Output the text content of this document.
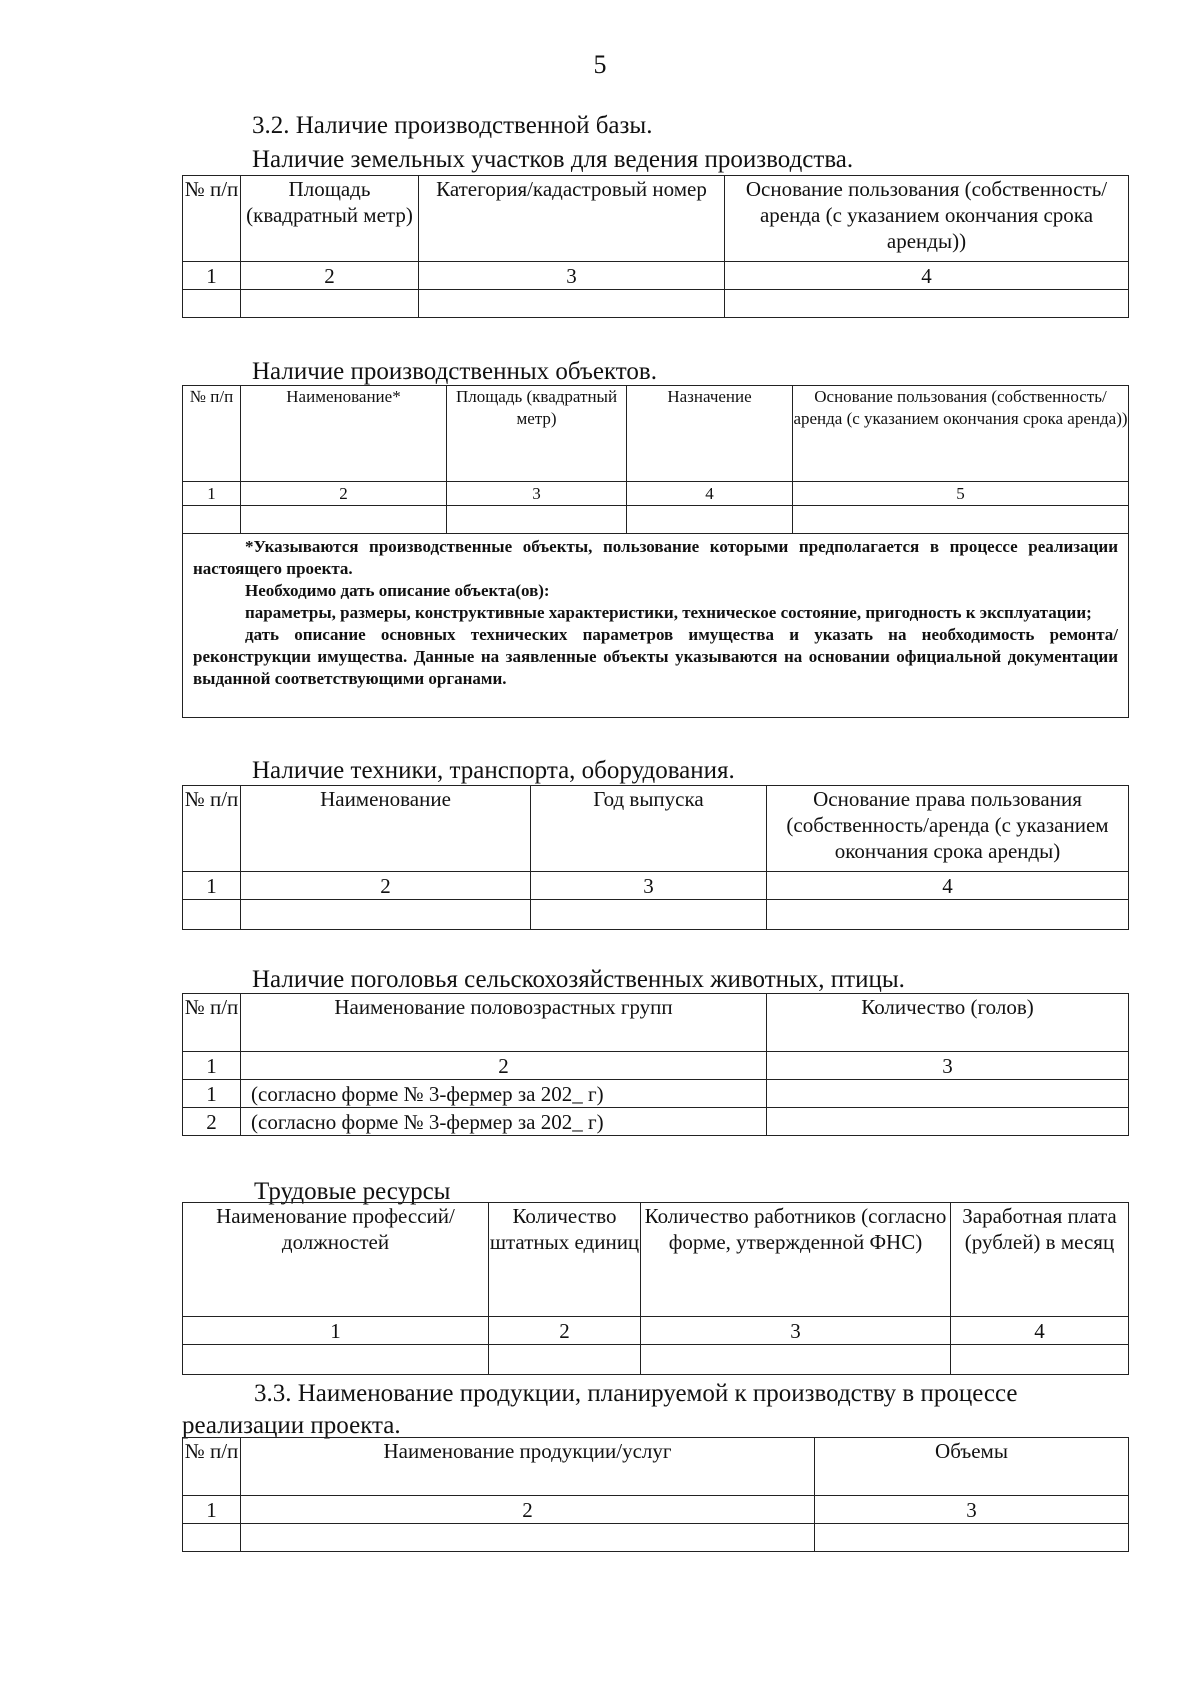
5
3.2. Наличие производственной базы.
Наличие земельных участков для ведения производства.
№ п/п	Площадь (квадратный метр)	Категория/кадастровый номер	Основание пользования (собственность/аренда (с указанием окончания срока аренды))
1	2	3	4

Наличие производственных объектов.
№ п/п	Наименование*	Площадь (квадратный метр)	Назначение	Основание пользования (собственность/аренда (с указанием окончания срока аренда))
1	2	3	4	5

*Указываются производственные объекты, пользование которыми предполагается в процессе реализации настоящего проекта.

Необходимо дать описание объекта(ов):

параметры, размеры, конструктивные характеристики, техническое состояние, пригодность к эксплуатации;

дать описание основных технических параметров имущества и указать на необходимость ремонта/реконструкции имущества. Данные на заявленные объекты указываются на основании официальной документации выданной соответствующими органами.				

Наличие техники, транспорта, оборудования.
№ п/п	Наименование	Год выпуска	Основание права пользования (собственность/аренда (с указанием окончания срока аренды)
1	2	3	4

Наличие поголовья сельскохозяйственных животных, птицы.
№ п/п	Наименование половозрастных групп	Количество (голов)
1	2	3
1	(согласно форме № 3-фермер за 202_ г)	
2	(согласно форме № 3-фермер за 202_ г)	
Трудовые ресурсы
Наименование профессий/должностей	Количество штатных единиц	Количество работников (согласно форме, утвержденной ФНС)	Заработная плата (рублей) в месяц
1	2	3	4

3.3. Наименование продукции, планируемой к производству в процессе
реализации проекта.
№ п/п	Наименование продукции/услуг	Объемы
1	2	3
